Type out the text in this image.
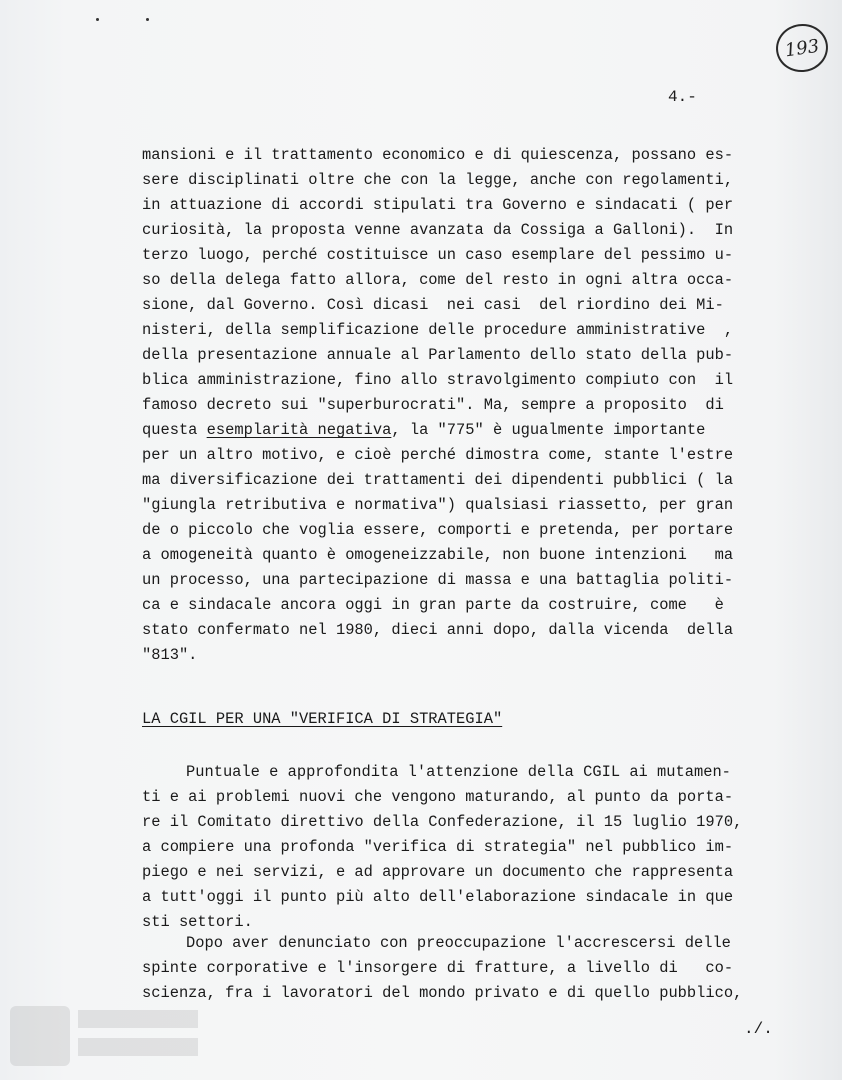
193
4.-
mansioni e il trattamento economico e di quiescenza, possano es-
sere disciplinati oltre che con la legge, anche con regolamenti,
in attuazione di accordi stipulati tra Governo e sindacati ( per
curiosità, la proposta venne avanzata da Cossiga a Galloni).  In
terzo luogo, perché costituisce un caso esemplare del pessimo u-
so della delega fatto allora, come del resto in ogni altra occa-
sione, dal Governo. Così dicasi  nei casi  del riordino dei Mi-
nisteri, della semplificazione delle procedure amministrative  ,
della presentazione annuale al Parlamento dello stato della pub-
blica amministrazione, fino allo stravolgimento compiuto con  il
famoso decreto sui "superburocrati". Ma, sempre a proposito  di
questa esemplarità negativa, la "775" è ugualmente importante
per un altro motivo, e cioè perché dimostra come, stante l'estre
ma diversificazione dei trattamenti dei dipendenti pubblici ( la
"giungla retributiva e normativa") qualsiasi riassetto, per gran
de o piccolo che voglia essere, comporti e pretenda, per portare
a omogeneità quanto è omogeneizzabile, non buone intenzioni   ma
un processo, una partecipazione di massa e una battaglia politi-
ca e sindacale ancora oggi in gran parte da costruire, come   è
stato confermato nel 1980, dieci anni dopo, dalla vicenda  della
"813".
LA CGIL PER UNA "VERIFICA DI STRATEGIA"
Puntuale e approfondita l'attenzione della CGIL ai mutamen-
ti e ai problemi nuovi che vengono maturando, al punto da porta-
re il Comitato direttivo della Confederazione, il 15 luglio 1970,
a compiere una profonda "verifica di strategia" nel pubblico im-
piego e nei servizi, e ad approvare un documento che rappresenta
a tutt'oggi il punto più alto dell'elaborazione sindacale in que
sti settori.
Dopo aver denunciato con preoccupazione l'accrescersi delle
spinte corporative e l'insorgere di fratture, a livello di   co-
scienza, fra i lavoratori del mondo privato e di quello pubblico,
./.
